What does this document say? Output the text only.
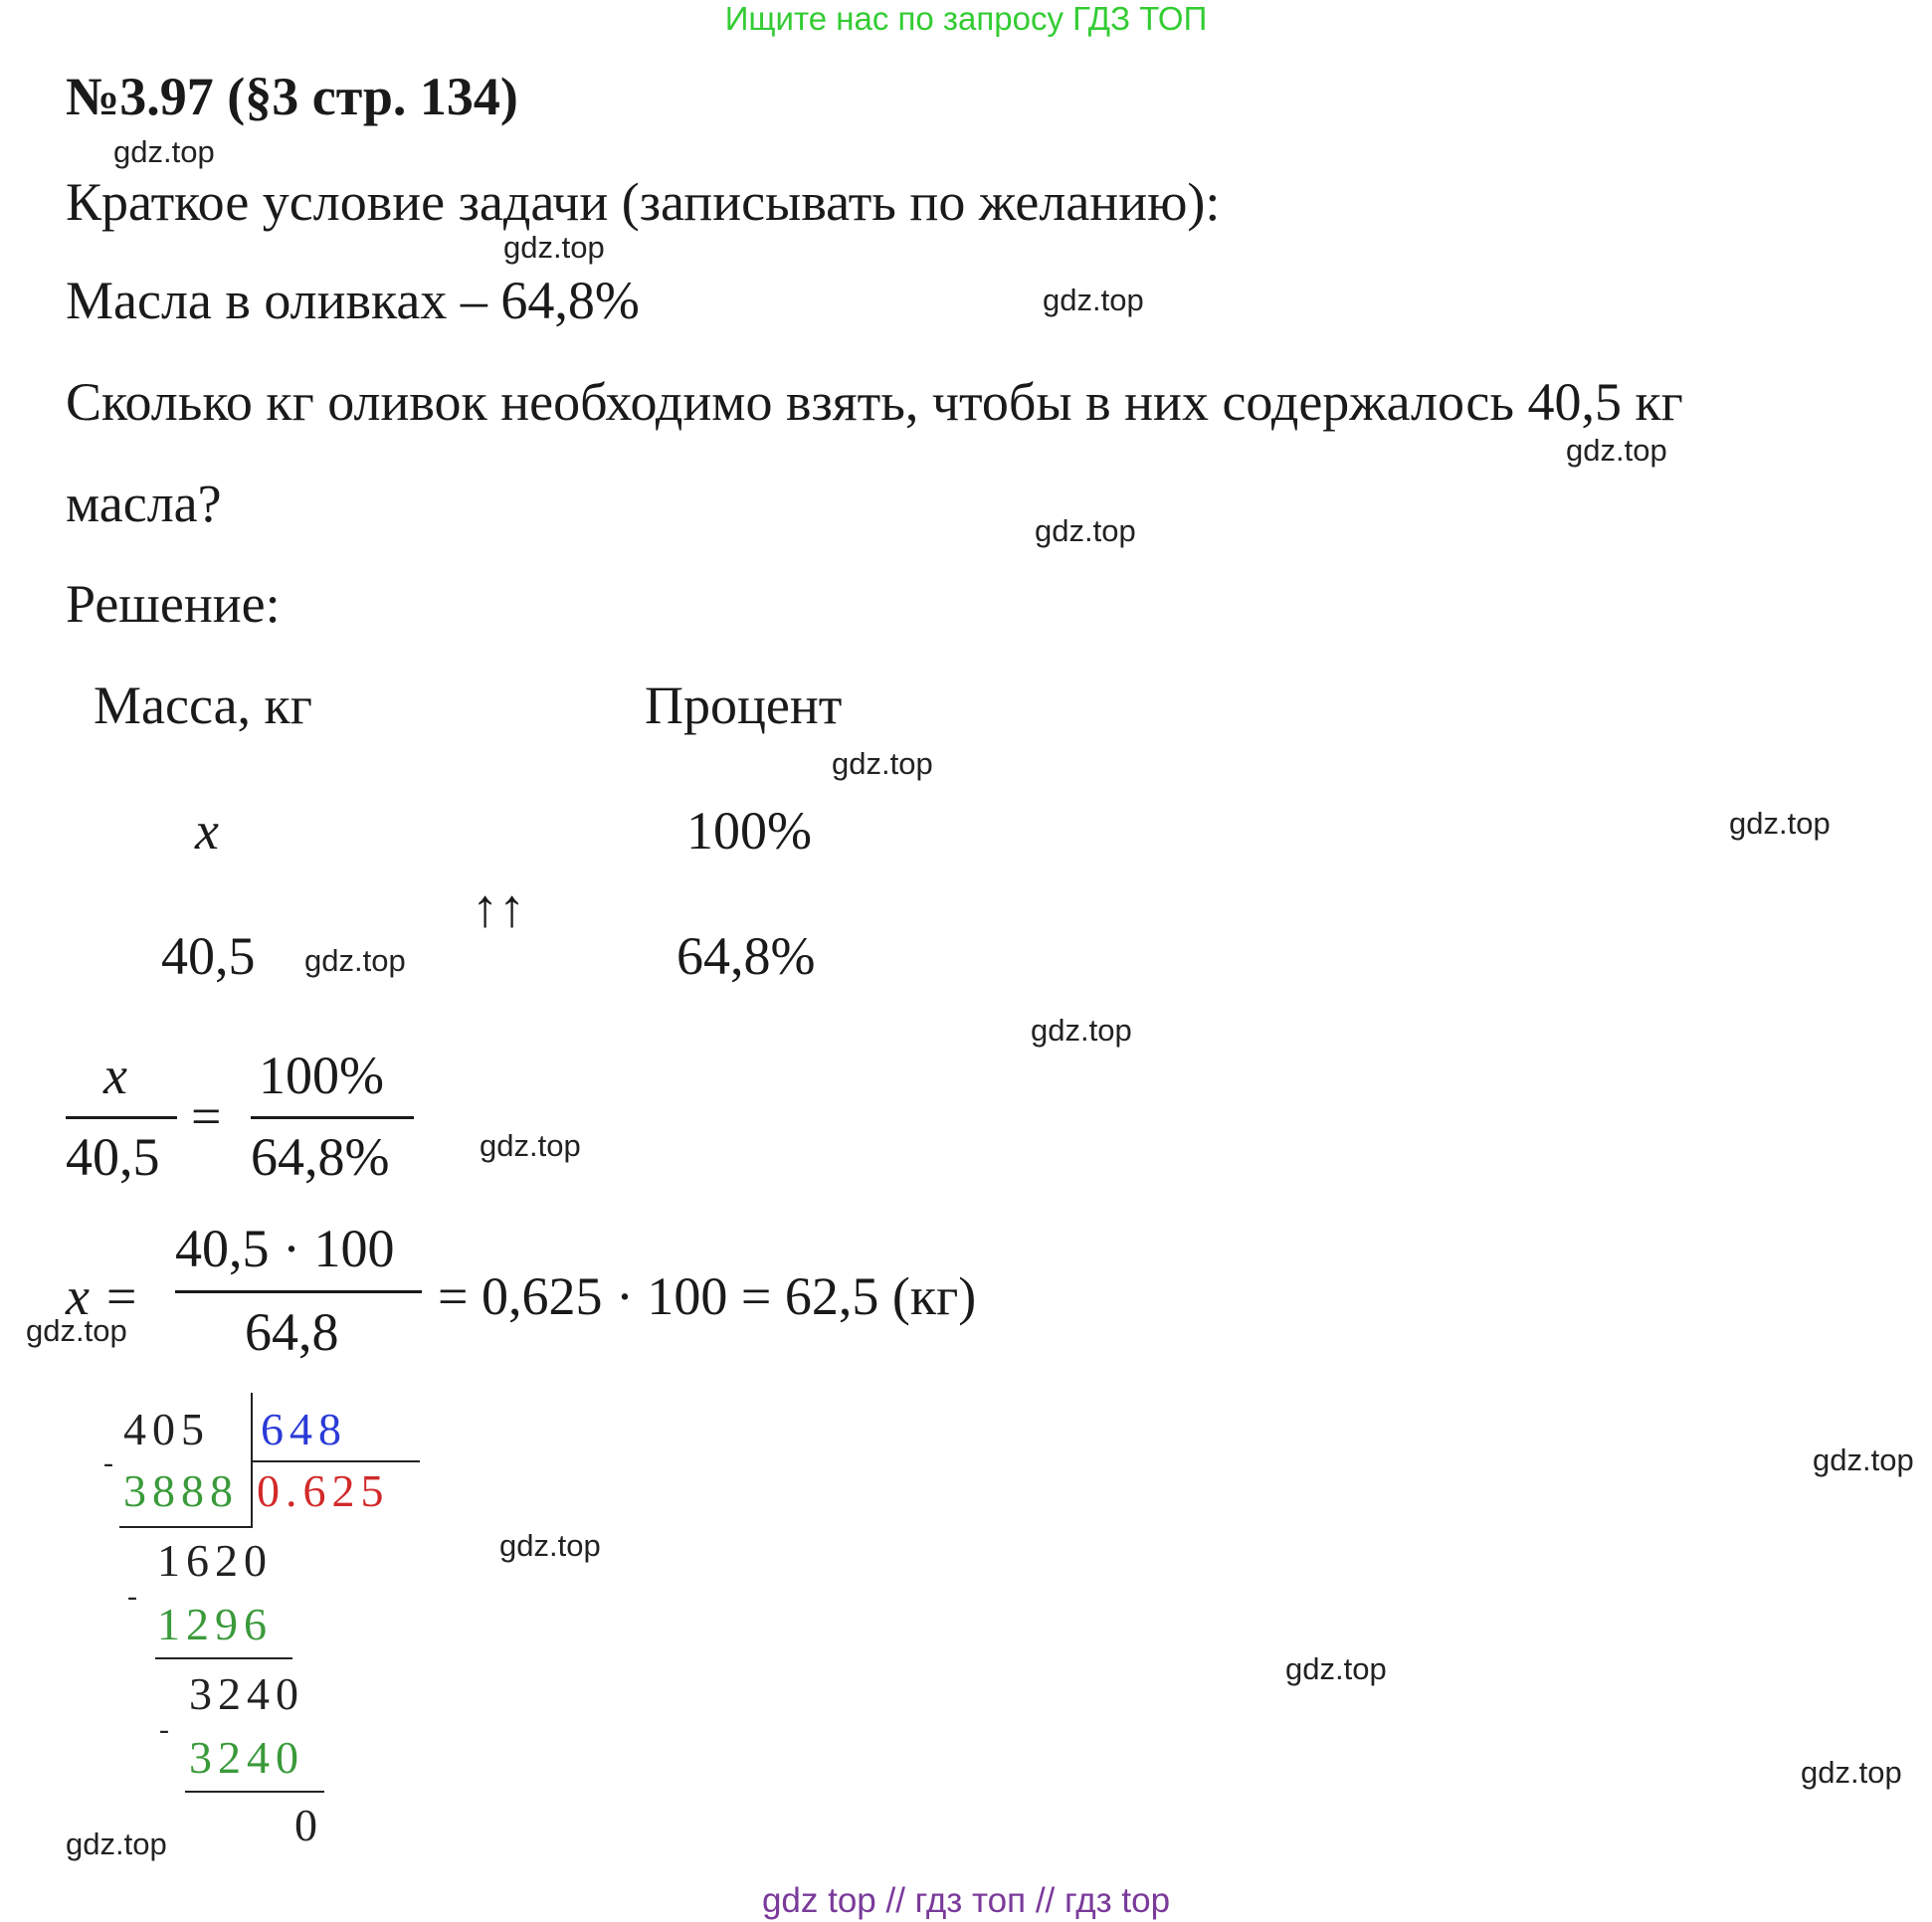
Ищите нас по запросу ГДЗ ТОП
№3.97 (§3 стр. 134)
Краткое условие задачи (записывать по желанию):
Масла в оливках – 64,8%
Сколько кг оливок необходимо взять, чтобы в них содержалось 40,5 кг
масла?
Решение:
Масса, кг	Процент
x	100%
↑↑
40,5	64,8%
x
40,5
=
100%
64,8%
x =
40,5 · 100
64,8
= 0,625 · 100 = 62,5 (кг)
405 648
-
3888 0.625
1620
-
1296
3240
-
3240
0
gdz.top
gdz.top
gdz.top
gdz.top
gdz.top
gdz.top
gdz.top
gdz.top
gdz.top
gdz.top
gdz.top
gdz.top
gdz.top
gdz.top
gdz.top
gdz.top
gdz top // гдз топ // гдз top
